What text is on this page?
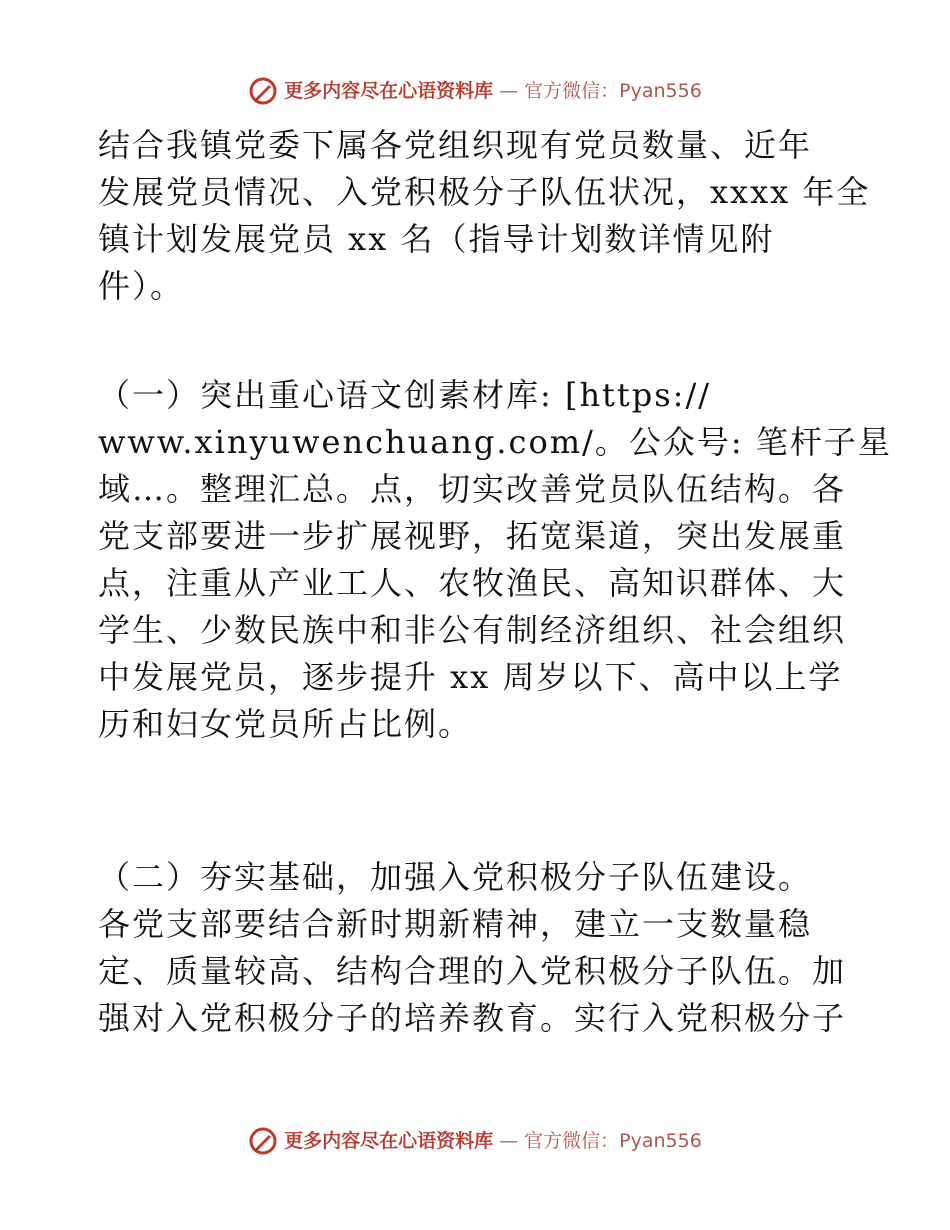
更多内容尽在心语资料库 — 官方微信：Pyan556
结合我镇党委下属各党组织现有党员数量、近年
发展党员情况、入党积极分子队伍状况，xxxx 年全
镇计划发展党员 xx 名（指导计划数详情见附
件）。
（一）突出重心语文创素材库: [https://
www.xinyuwenchuang.com/。公众号: 笔杆子星
域…。整理汇总。点，切实改善党员队伍结构。各
党支部要进一步扩展视野，拓宽渠道，突出发展重
点，注重从产业工人、农牧渔民、高知识群体、大
学生、少数民族中和非公有制经济组织、社会组织
中发展党员，逐步提升 xx 周岁以下、高中以上学
历和妇女党员所占比例。
（二）夯实基础，加强入党积极分子队伍建设。
各党支部要结合新时期新精神，建立一支数量稳
定、质量较高、结构合理的入党积极分子队伍。加
强对入党积极分子的培养教育。实行入党积极分子
更多内容尽在心语资料库 — 官方微信：Pyan556
